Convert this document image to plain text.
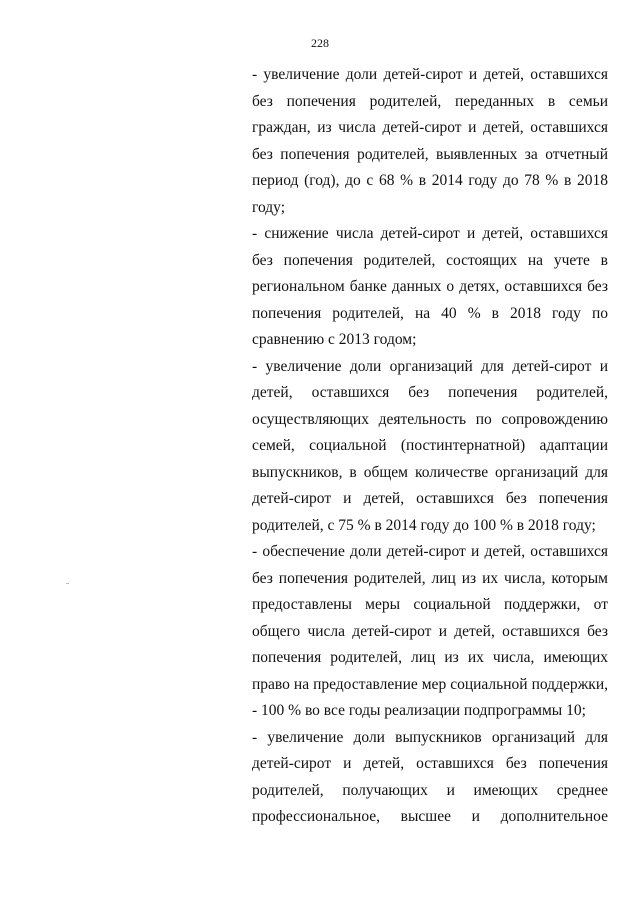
228

- увеличение доли детей-сирот и детей, оставшихся без попечения родителей, переданных в семьи граждан, из числа детей-сирот и детей, оставшихся без попечения родителей, выявленных за отчетный период (год), до с 68 % в 2014 году до 78 % в 2018 году;

- снижение числа детей-сирот и детей, оставшихся без попечения родителей, состоящих на учете в региональном банке данных о детях, оставшихся без попечения родителей, на 40 % в 2018 году по сравнению с 2013 годом;

- увеличение доли организаций для детей-сирот и детей, оставшихся без попечения родителей, осуществляющих деятельность по сопровождению семей, социальной (постинтернатной) адаптации выпускников, в общем количестве организаций для детей-сирот и детей, оставшихся без попечения родителей, с 75 % в 2014 году до 100 % в 2018 году;

- обеспечение доли детей-сирот и детей, оставшихся без попечения родителей, лиц из их числа, которым предоставлены меры социальной поддержки, от общего числа детей-сирот и детей, оставшихся без попечения родителей, лиц из их числа, имеющих право на предоставление мер социальной поддержки, - 100 % во все годы реализации подпрограммы 10;

- увеличение доли выпускников организаций для детей-сирот и детей, оставшихся без попечения родителей, получающих и имеющих среднее профессиональное, высшее и дополнительное
